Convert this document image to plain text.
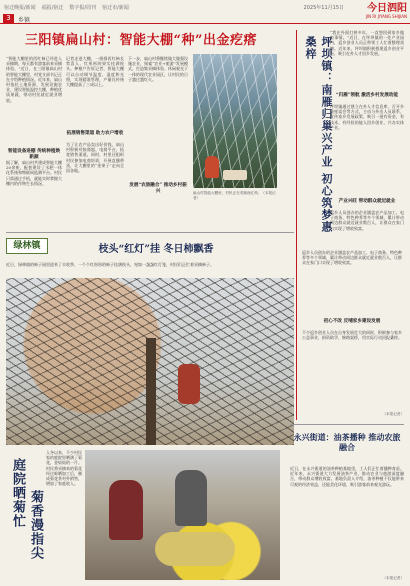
宿迁晚报/新闻 福报/宿迁 数字报/周刊 宿迁市/新闻	2025年11月15日	今日泗阳
JIN RI JIYANG SHIJIAN
3	乡镇
三阳镇扁山村：智能大棚“种”出金疙瘩
“智能大棚里的西红柿已经进入采摘期，每天都有游客前来采摘体验。”近日，在三阳镇扁山村的智能大棚里，村党支部书记正在介绍种植情况。近年来，扁山村依托土地资源，发展设施农业，建设智能温控大棚，种植优质果蔬，带动村民就近就业增收。
智能设备进棚 传统种植焕新颜
据了解，扁山村共建成智能大棚20余座，配套建设了水肥一体化系统和物联网监测平台。村民只需通过手机，就能实时掌握大棚内的作物生长情况。
记者走进大棚，一排排西红柿长势喜人，红彤彤的果实挂满枝头。种植户告诉记者，智能大棚可以自动调节温度、湿度和光照，实现精准管理，产量比传统大棚提高了三成以上。
拓展销售渠道 助力农户增收
为了让农产品卖出好价钱，扁山村积极对接商超、电商平台，拓宽销售渠道。同时，村里还组织村民参加电商培训，开展直播带货，让大棚里的“金果子”走向全国各地。
下一步，扁山村将继续做大做强设施农业，探索“农业+旅游”发展模式，打造集采摘体验、休闲观光于一体的现代农业园区，让村民的日子越过越红火。
发展“农旅融合” 推动乡村振兴	扁山村智能大棚里，村民正在采摘西红柿。（本报记者）	坪坝镇：南雁归巢兴产业 初心筑梦惠桑梓
“我在外面打拼多年，一直想回到家乡做点事情。”近日，在坪坝镇的一处产业园内，返乡创业人员正带领工人忙着整理货物。近年来，坪坝镇积极搭建返乡创业平台，吸引在外人才回乡发展。
“归雁”领航 激活乡村发展动能
坪坝镇通过建立在外人才信息库、召开乡贤座谈会等方式，主动与外出人员联系，宣传家乡发展政策，吸引一批有资金、有技术、有经验的能人回乡创业，兴办实体产业。
产业兴旺 带动群众就近就业
返乡人员创办的企业涵盖农产品加工、电子商务、特色种养等多个领域，累计带动周边群众就近就业数百人，让群众在家门口实现了增收致富。
返乡人员创办的企业涵盖农产品加工、电子商务、特色种养等多个领域，累计带动周边群众就近就业数百人，让群众在家门口实现了增收致富。
初心不改 反哺家乡建设发展
不少返乡创业人员在自身发展壮大的同时，积极参与家乡公益事业，捐资助学、修路架桥，用实际行动回报桑梓。
（本报记者）
绿林镇	枝头“红灯”挂 冬日柿飘香
近日，绿林镇的柿子园里迎来了丰收季，一个个红彤彤的柿子挂满枝头，宛如一盏盏红灯笼，村民们正忙着采摘柿子。
庭院晒菊忙 菊香漫指尖
入冬以来，不少村民家的庭院里晒满了菊花，金灿灿的一片。村民将采摘来的菊花经过晾晒加工后，制成菊花茶对外销售，增加了家庭收入。
永兴街道：油茶播种 推动农旅融合
近日，在永兴街道的油茶种植基地里，工人们正忙着播种育苗。近年来，永兴街道大力发展油茶产业，推动农业与旅游深度融合，带动群众增收致富。基地负责人介绍，油茶种植不仅能带来可观的经济效益，还能美化环境，吸引游客前来观光游玩。
（本报记者）
